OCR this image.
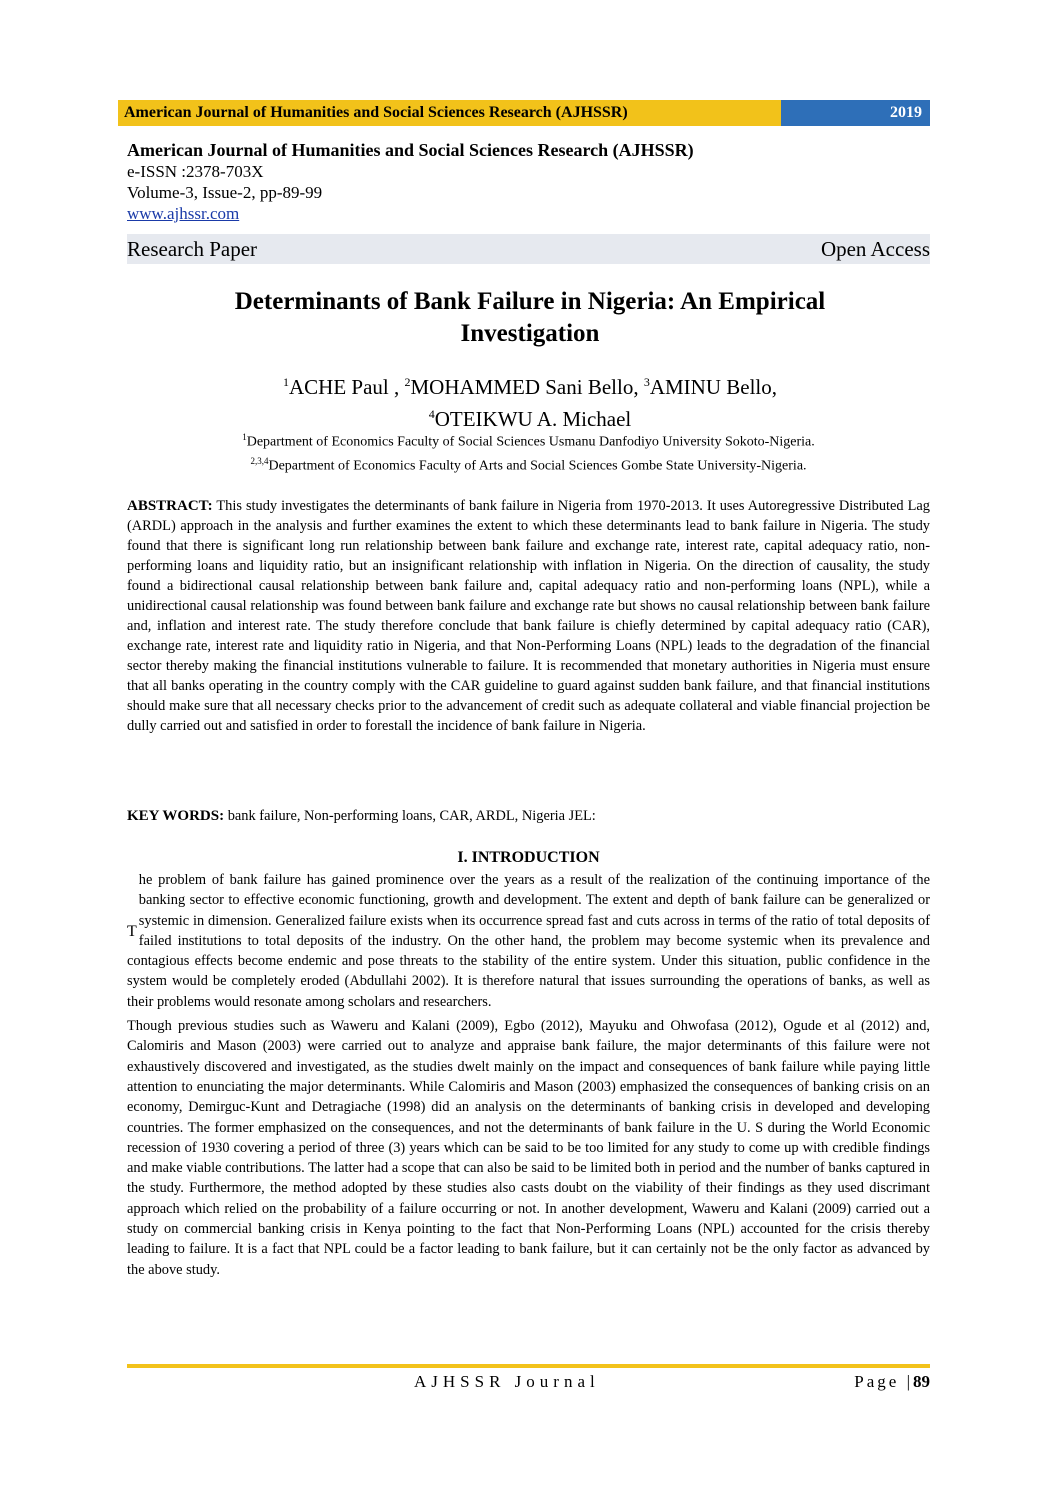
American Journal of Humanities and Social Sciences Research (AJHSSR)	2019
American Journal of Humanities and Social Sciences Research (AJHSSR)
e-ISSN :2378-703X
Volume-3, Issue-2, pp-89-99
www.ajhssr.com
Research Paper	Open Access
Determinants of Bank Failure in Nigeria: An Empirical
Investigation
$^1$ACHE Paul , $^2$MOHAMMED Sani Bello, $^3$AMINU Bello,
$^4$OTEIKWU A. Michael
$^1$Department of Economics Faculty of Social Sciences Usmanu Danfodiyo University Sokoto-Nigeria.
$^{2,3,4}$Department of Economics Faculty of Arts and Social Sciences Gombe State University-Nigeria.
ABSTRACT: This study investigates the determinants of bank failure in Nigeria from 1970-2013. It uses Autoregressive Distributed Lag (ARDL) approach in the analysis and further examines the extent to which these determinants lead to bank failure in Nigeria. The study found that there is significant long run relationship between bank failure and exchange rate, interest rate, capital adequacy ratio, non-performing loans and liquidity ratio, but an insignificant relationship with inflation in Nigeria. On the direction of causality, the study found a bidirectional causal relationship between bank failure and, capital adequacy ratio and non-performing loans (NPL), while a unidirectional causal relationship was found between bank failure and exchange rate but shows no causal relationship between bank failure and, inflation and interest rate. The study therefore conclude that bank failure is chiefly determined by capital adequacy ratio (CAR), exchange rate, interest rate and liquidity ratio in Nigeria, and that Non-Performing Loans (NPL) leads to the degradation of the financial sector thereby making the financial institutions vulnerable to failure. It is recommended that monetary authorities in Nigeria must ensure that all banks operating in the country comply with the CAR guideline to guard against sudden bank failure, and that financial institutions should make sure that all necessary checks prior to the advancement of credit such as adequate collateral and viable financial projection be dully carried out and satisfied in order to forestall the incidence of bank failure in Nigeria.
KEY WORDS: bank failure, Non-performing loans, CAR, ARDL, Nigeria JEL:
I. INTRODUCTION

T
he problem of bank failure has gained prominence over the years as a result of the realization of the continuing importance of the banking sector to effective economic functioning, growth and development. The extent and depth of bank failure can be generalized or systemic in dimension. Generalized failure exists when its occurrence spread fast and cuts across in terms of the ratio of total deposits of failed institutions to total deposits of the industry. On the other hand, the problem may become systemic when its prevalence and contagious effects become endemic and pose threats to the stability of the entire system. Under this situation, public confidence in the system would be completely eroded (Abdullahi 2002). It is therefore natural that issues surrounding the operations of banks, as well as their problems would resonate among scholars and researchers.

Though previous studies such as Waweru and Kalani (2009), Egbo (2012), Mayuku and Ohwofasa (2012), Ogude et al (2012) and, Calomiris and Mason (2003) were carried out to analyze and appraise bank failure, the major determinants of this failure were not exhaustively discovered and investigated, as the studies dwelt mainly on the impact and consequences of bank failure while paying little attention to enunciating the major determinants. While Calomiris and Mason (2003) emphasized the consequences of banking crisis on an economy, Demirguc-Kunt and Detragiache (1998) did an analysis on the determinants of banking crisis in developed and developing countries. The former emphasized on the consequences, and not the determinants of bank failure in the U. S during the World Economic recession of 1930 covering a period of three (3) years which can be said to be too limited for any study to come up with credible findings and make viable contributions. The latter had a scope that can also be said to be limited both in period and the number of banks captured in the study. Furthermore, the method adopted by these studies also casts doubt on the viability of their findings as they used discrimant approach which relied on the probability of a failure occurring or not. In another development, Waweru and Kalani (2009) carried out a study on commercial banking crisis in Kenya pointing to the fact that Non-Performing Loans (NPL) accounted for the crisis thereby leading to failure. It is a fact that NPL could be a factor leading to bank failure, but it can certainly not be the only factor as advanced by the above study.

AJHSSR Journal	Page |89
